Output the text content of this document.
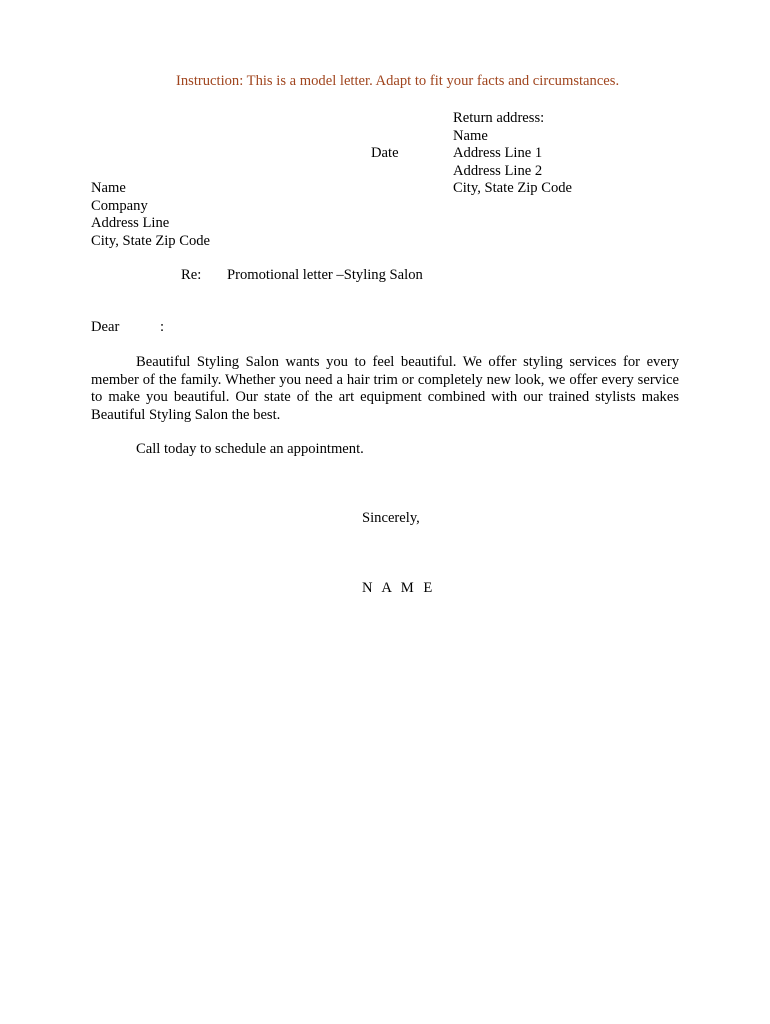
Instruction: This is a model letter. Adapt to fit your facts and circumstances.
Return address:
Name
Address Line 1
Address Line 2
City, State Zip Code
Date
Name
Company
Address Line
City, State Zip Code
Re: Promotional letter –Styling Salon
Dear	:
Beautiful Styling Salon wants you to feel beautiful. We offer styling services for every member of the family. Whether you need a hair trim or completely new look, we offer every service to make you beautiful. Our state of the art equipment combined with our trained stylists makes Beautiful Styling Salon the best.
Call today to schedule an appointment.
Sincerely,
N A M E
